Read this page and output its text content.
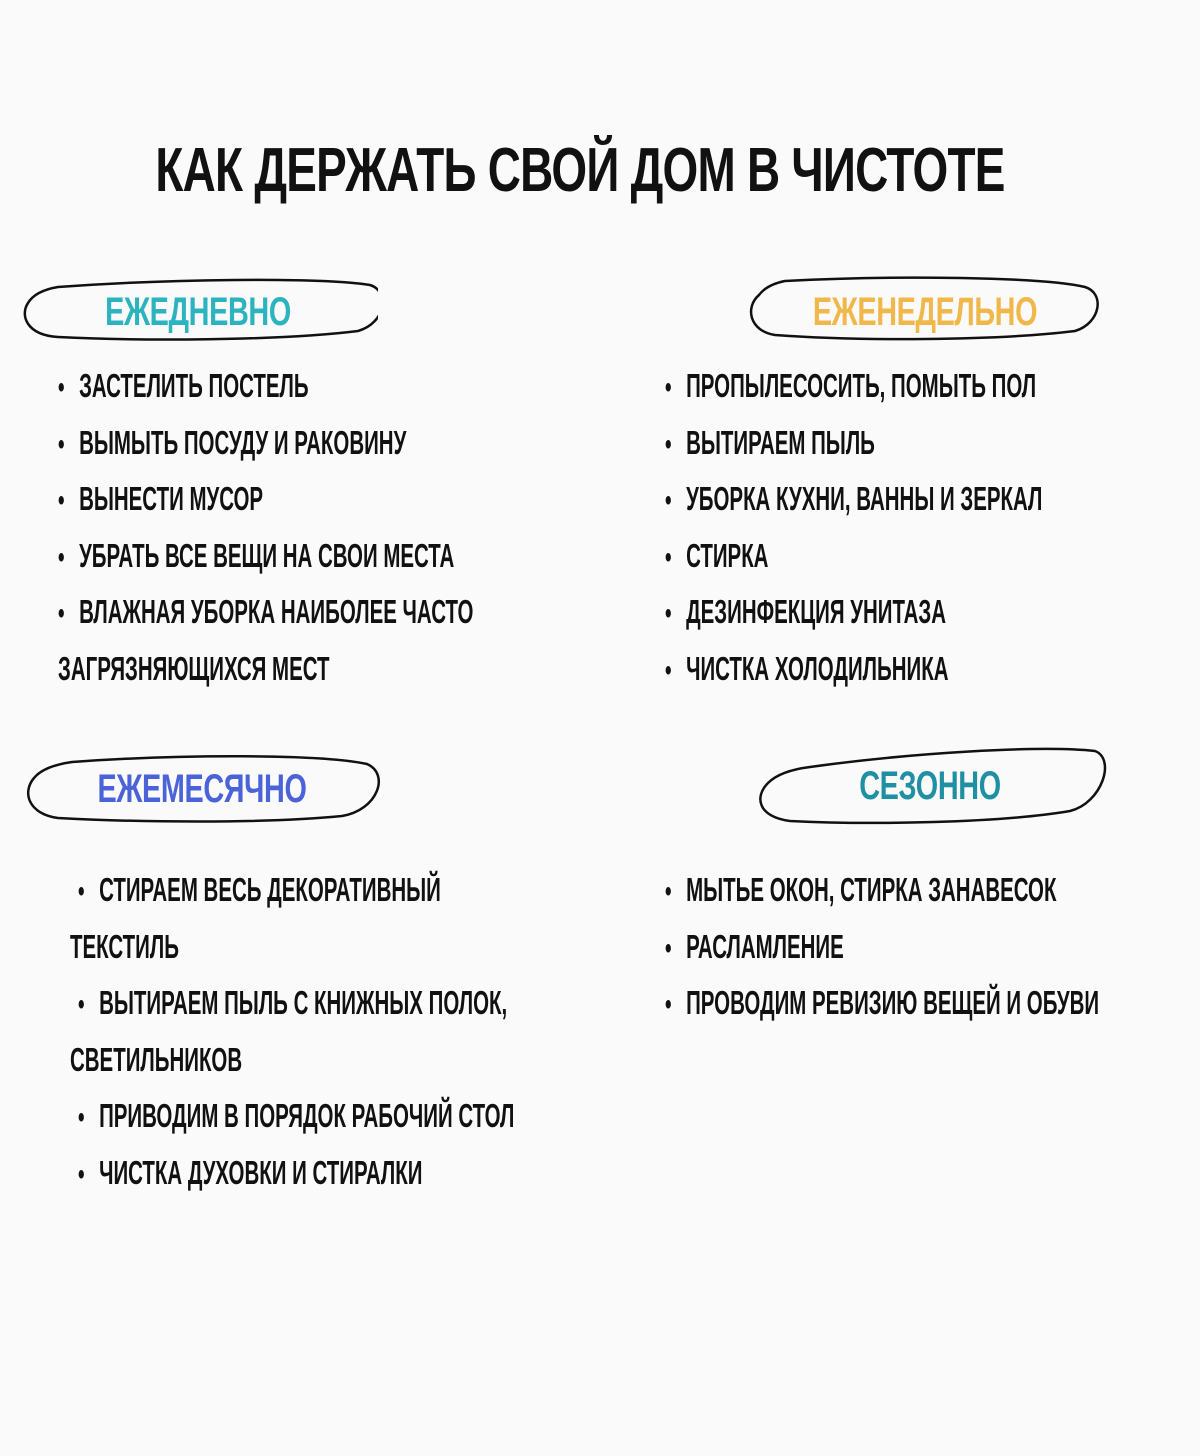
КАК ДЕРЖАТЬ СВОЙ ДОМ В ЧИСТОТЕ
ЕЖЕДНЕВНО	ЕЖЕНЕДЕЛЬНО
ЕЖЕМЕСЯЧНО	СЕЗОННО
• ЗАСТЕЛИТЬ ПОСТЕЛЬ
• ВЫМЫТЬ ПОСУДУ И РАКОВИНУ
• ВЫНЕСТИ МУСОР
• УБРАТЬ ВСЕ ВЕЩИ НА СВОИ МЕСТА
• ВЛАЖНАЯ УБОРКА НАИБОЛЕЕ ЧАСТО
ЗАГРЯЗНЯЮЩИХСЯ МЕСТ
• ПРОПЫЛЕСОСИТЬ, ПОМЫТЬ ПОЛ
• ВЫТИРАЕМ ПЫЛЬ
• УБОРКА КУХНИ, ВАННЫ И ЗЕРКАЛ
• СТИРКА
• ДЕЗИНФЕКЦИЯ УНИТАЗА
• ЧИСТКА ХОЛОДИЛЬНИКА
• СТИРАЕМ ВЕСЬ ДЕКОРАТИВНЫЙ
ТЕКСТИЛЬ
• ВЫТИРАЕМ ПЫЛЬ С КНИЖНЫХ ПОЛОК,
СВЕТИЛЬНИКОВ
• ПРИВОДИМ В ПОРЯДОК РАБОЧИЙ СТОЛ
• ЧИСТКА ДУХОВКИ И СТИРАЛКИ
• МЫТЬЕ ОКОН, СТИРКА ЗАНАВЕСОК
• РАСЛАМЛЕНИЕ
• ПРОВОДИМ РЕВИЗИЮ ВЕЩЕЙ И ОБУВИ
